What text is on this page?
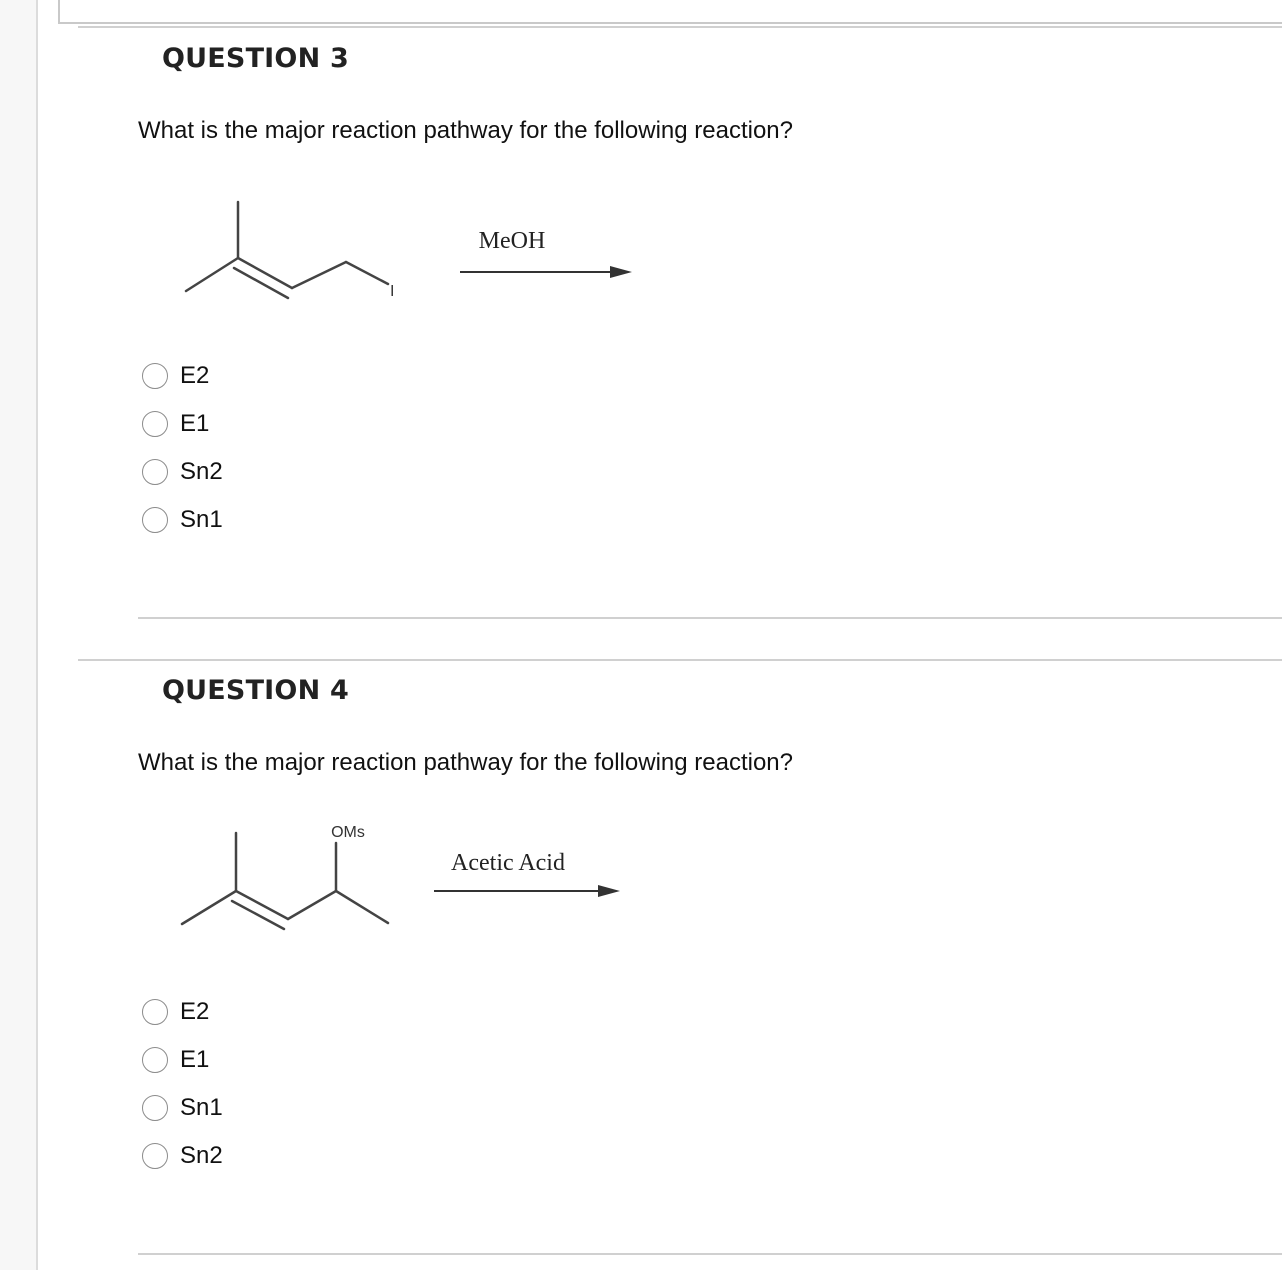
QUESTION 3

What is the major reaction pathway for the following reaction?

I
MeOH
E2
E1
Sn2
Sn1
QUESTION 4

What is the major reaction pathway for the following reaction?

OMs
Acetic Acid
E2
E1
Sn1
Sn2
